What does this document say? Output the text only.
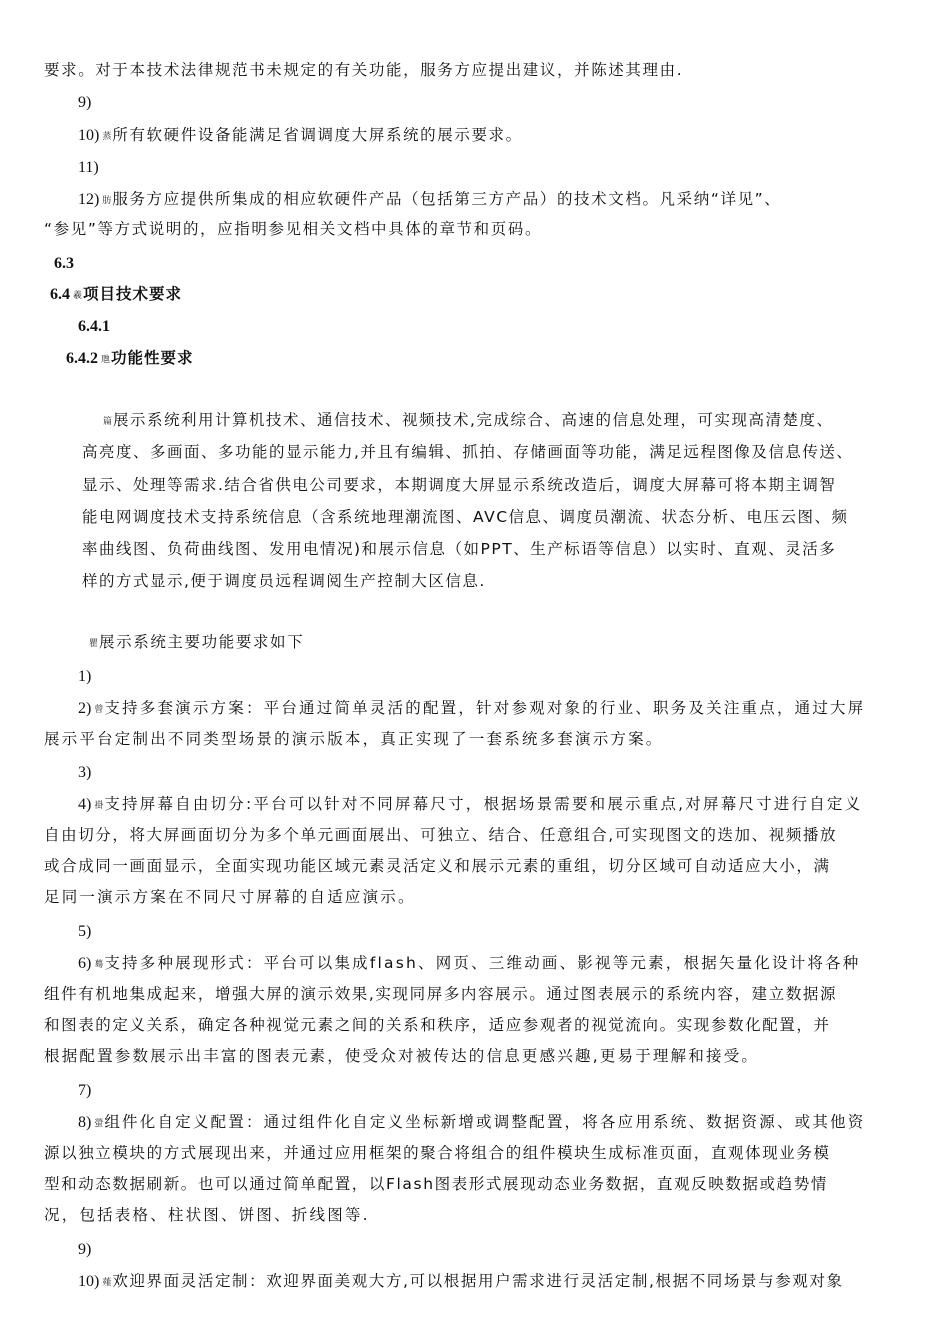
要求。对于本技术法律规范书未规定的有关功能，服务方应提出建议，并陈述其理由.
9)
10) 蒸所有软硬件设备能满足省调调度大屏系统的展示要求。
11)
12) 肪服务方应提供所集成的相应软硬件产品（包括第三方产品）的技术文档。凡采纳“详见”、
“参见”等方式说明的，应指明参见相关文档中具体的章节和页码。
6.3
6.4 羲项目技术要求
6.4.1
6.4.2 虺功能性要求
篇展示系统利用计算机技术、通信技术、视频技术,完成综合、高速的信息处理，可实现高清楚度、
高亮度、多画面、多功能的显示能力,并且有编辑、抓拍、存储画面等功能，满足远程图像及信息传送、
显示、处理等需求.结合省供电公司要求，本期调度大屏显示系统改造后，调度大屏幕可将本期主调智
能电网调度技术支持系统信息（含系统地理潮流图、AVC信息、调度员潮流、状态分析、电压云图、频
率曲线图、负荷曲线图、发用电情况)和展示信息（如PPT、生产标语等信息）以实时、直观、灵活多
样的方式显示,便于调度员远程调阅生产控制大区信息.
瞿展示系统主要功能要求如下
1)
2) 曾支持多套演示方案：平台通过简单灵活的配置，针对参观对象的行业、职务及关注重点，通过大屏
展示平台定制出不同类型场景的演示版本，真正实现了一套系统多套演示方案。
3)
4) 褂支持屏幕自由切分:平台可以针对不同屏幕尺寸，根据场景需要和展示重点,对屏幕尺寸进行自定义
自由切分，将大屏画面切分为多个单元画面展出、可独立、结合、任意组合,可实现图文的迭加、视频播放
或合成同一画面显示，全面实现功能区域元素灵活定义和展示元素的重组，切分区域可自动适应大小，满
足同一演示方案在不同尺寸屏幕的自适应演示。
5)
6) 蓦支持多种展现形式：平台可以集成flash、网页、三维动画、影视等元素，根据矢量化设计将各种
组件有机地集成起来，增强大屏的演示效果,实现同屏多内容展示。通过图表展示的系统内容，建立数据源
和图表的定义关系，确定各种视觉元素之间的关系和秩序，适应参观者的视觉流向。实现参数化配置，并
根据配置参数展示出丰富的图表元素，使受众对被传达的信息更感兴趣,更易于理解和接受。
7)
8) 螢组件化自定义配置：通过组件化自定义坐标新增或调整配置，将各应用系统、数据资源、或其他资
源以独立模块的方式展现出来，并通过应用框架的聚合将组合的组件模块生成标准页面，直观体现业务模
型和动态数据刷新。也可以通过简单配置，以Flash图表形式展现动态业务数据，直观反映数据或趋势情
况，包括表格、柱状图、饼图、折线图等.
9)
10) 薤欢迎界面灵活定制：欢迎界面美观大方,可以根据用户需求进行灵活定制,根据不同场景与参观对象
